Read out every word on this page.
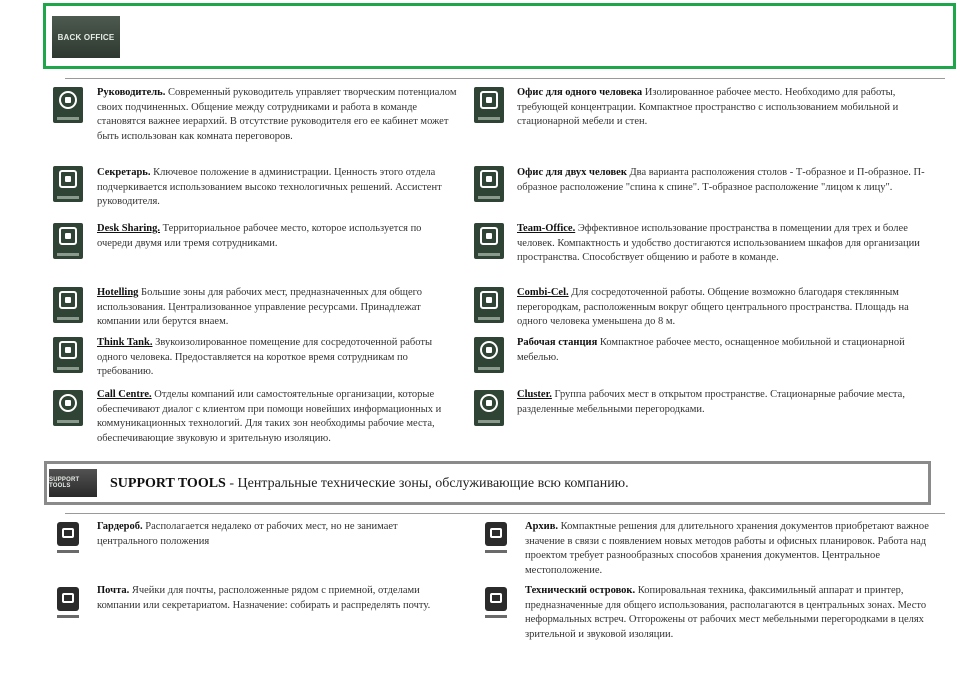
BACK OFFICE
Руководитель. Современный руководитель управляет творческим потенциалом своих подчиненных. Общение между сотрудниками и работа в команде становятся важнее иерархий. В отсутствие руководителя его ее кабинет может быть использован как комната переговоров.
Секретарь. Ключевое положение в администрации. Ценность этого отдела подчеркивается использованием высоко технологичных решений. Ассистент руководителя.
Desk Sharing. Территориальное рабочее место, которое используется по очереди двумя или тремя сотрудниками.
Hotelling Большие зоны для рабочих мест, предназначенных для общего использования. Централизованное управление ресурсами. Принадлежат компании или берутся внаем.
Think Tank. Звукоизолированное помещение для сосредоточенной работы одного человека. Предоставляется на короткое время сотрудникам по требованию.
Call Centre. Отделы компаний или самостоятельные организации, которые обеспечивают диалог с клиентом при помощи новейших информационных и коммуникационных технологий. Для таких зон необходимы рабочие места, обеспечивающие звуковую и зрительную изоляцию.
Офис для одного человека Изолированное рабочее место. Необходимо для работы, требующей концентрации. Компактное пространство с использованием мобильной и стационарной мебели и стен.
Офис для двух человек Два варианта расположения столов - Т-образное и П-образное. П-образное расположение "спина к спине". Т-образное расположение "лицом к лицу".
Team-Office. Эффективное использование пространства в помещении для трех и более человек. Компактность и удобство достигаются использованием шкафов для организации пространства. Способствует общению и работе в команде.
Combi-Cel. Для сосредоточенной работы. Общение возможно благодаря стеклянным перегородкам, расположенным вокруг общего центрального пространства. Площадь на одного человека уменьшена до 8 м.
Рабочая станция Компактное рабочее место, оснащенное мобильной и стационарной мебелью.
Cluster. Группа рабочих мест в открытом пространстве. Стационарные рабочие места, разделенные мебельными перегородками.
SUPPORT TOOLS	SUPPORT TOOLS - Центральные технические зоны, обслуживающие всю компанию.
Гардероб. Располагается недалеко от рабочих мест, но не занимает центрального положения
Почта. Ячейки для почты, расположенные рядом с приемной, отделами компании или секретариатом. Назначение: собирать и распределять почту.
Архив. Компактные решения для длительного хранения документов приобретают важное значение в связи с появлением новых методов работы и офисных планировок. Работа над проектом требует разнообразных способов хранения документов. Центральное местоположение.
Технический островок. Копировальная техника, факсимильный аппарат и принтер, предназначенные для общего использования, располагаются в центральных зонах. Место неформальных встреч. Отгорожены от рабочих мест мебельными перегородками в целях зрительной и звуковой изоляции.
